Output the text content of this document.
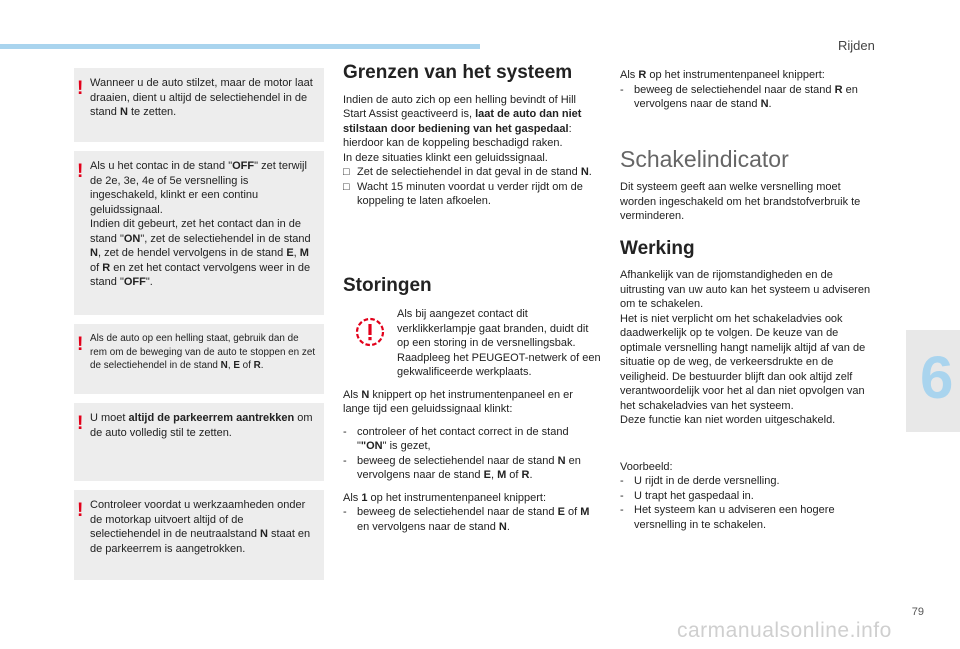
Rijden
6
! Wanneer u de auto stilzet, maar de motor laat draaien, dient u altijd de selectiehendel in de stand N te zetten.
! Als u het contac in de stand "OFF" zet terwijl de 2e, 3e, 4e of 5e versnelling is ingeschakeld, klinkt er een continu geluidssignaal.

Indien dit gebeurt, zet het contact dan in de stand "ON", zet de selectiehendel in de stand N, zet de hendel vervolgens in de stand E, M of R en zet het contact vervolgens weer in de stand "OFF".

! Als de auto op een helling staat, gebruik dan de rem om de beweging van de auto te stoppen en zet de selectiehendel in de stand N, E of R.
! U moet altijd de parkeerrem aantrekken om de auto volledig stil te zetten.
! Controleer voordat u werkzaamheden onder de motorkap uitvoert altijd of de selectiehendel in de neutraalstand N staat en de parkeerrem is aangetrokken.
Grenzen van het systeem

Indien de auto zich op een helling bevindt of Hill Start Assist geactiveerd is, laat de auto dan niet stilstaan door bediening van het gaspedaal: hierdoor kan de koppeling beschadigd raken.

In deze situaties klinkt een geluidssignaal.

□ Zet de selectiehendel in dat geval in de stand N.
□ Wacht 15 minuten voordat u verder rijdt om de koppeling te laten afkoelen.
Storingen

Als bij aangezet contact dit verklikkerlampje gaat branden, duidt dit op een storing in de versnellingsbak.

Raadpleeg het PEUGEOT-netwerk of een gekwalificeerde werkplaats.

Als N knippert op het instrumentenpaneel en er lange tijd een geluidssignaal klinkt:

- controleer of het contact correct in de stand ""ON" is gezet,
- beweeg de selectiehendel naar de stand N en vervolgens naar de stand E, M of R.

Als 1 op het instrumentenpaneel knippert:

- beweeg de selectiehendel naar de stand E of M en vervolgens naar de stand N.

Als R op het instrumentenpaneel knippert:

- beweeg de selectiehendel naar de stand R en vervolgens naar de stand N.
Schakelindicator

Dit systeem geeft aan welke versnelling moet worden ingeschakeld om het brandstofverbruik te verminderen.

Werking

Afhankelijk van de rijomstandigheden en de uitrusting van uw auto kan het systeem u adviseren om te schakelen.

Het is niet verplicht om het schakeladvies ook daadwerkelijk op te volgen. De keuze van de optimale versnelling hangt namelijk altijd af van de situatie op de weg, de verkeersdrukte en de veiligheid. De bestuurder blijft dan ook altijd zelf verantwoordelijk voor het al dan niet opvolgen van het schakeladvies van het systeem.

Deze functie kan niet worden uitgeschakeld.

Voorbeeld:

- U rijdt in de derde versnelling.
- U trapt het gaspedaal in.
- Het systeem kan u adviseren een hogere versnelling in te schakelen.
79
carmanualsonline.info
